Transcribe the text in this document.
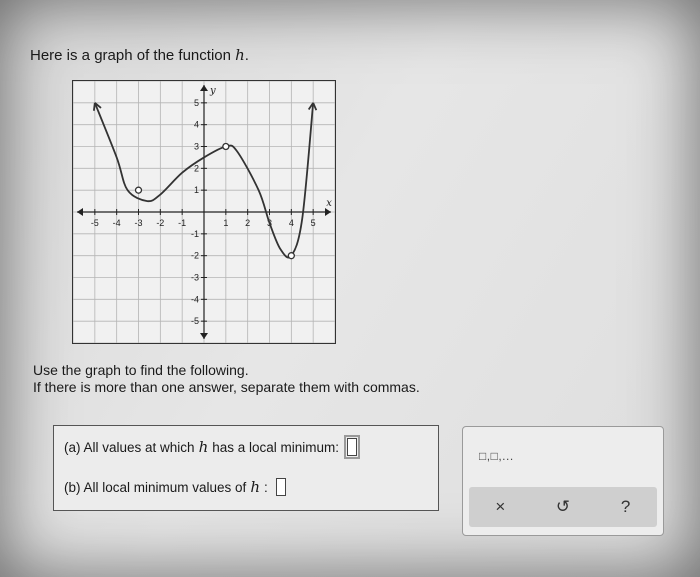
Here is a graph of the function h.
-5 -4 -3 -2 -1	1 2 3 4 5
5
4
3
2
1
-1
-2
-3
-4
-5
x
y
Use the graph to find the following.
If there is more than one answer, separate them with commas.
(a) All values at which h has a local minimum:
(b) All local minimum values of h :
□,□,...
×	↺	?
